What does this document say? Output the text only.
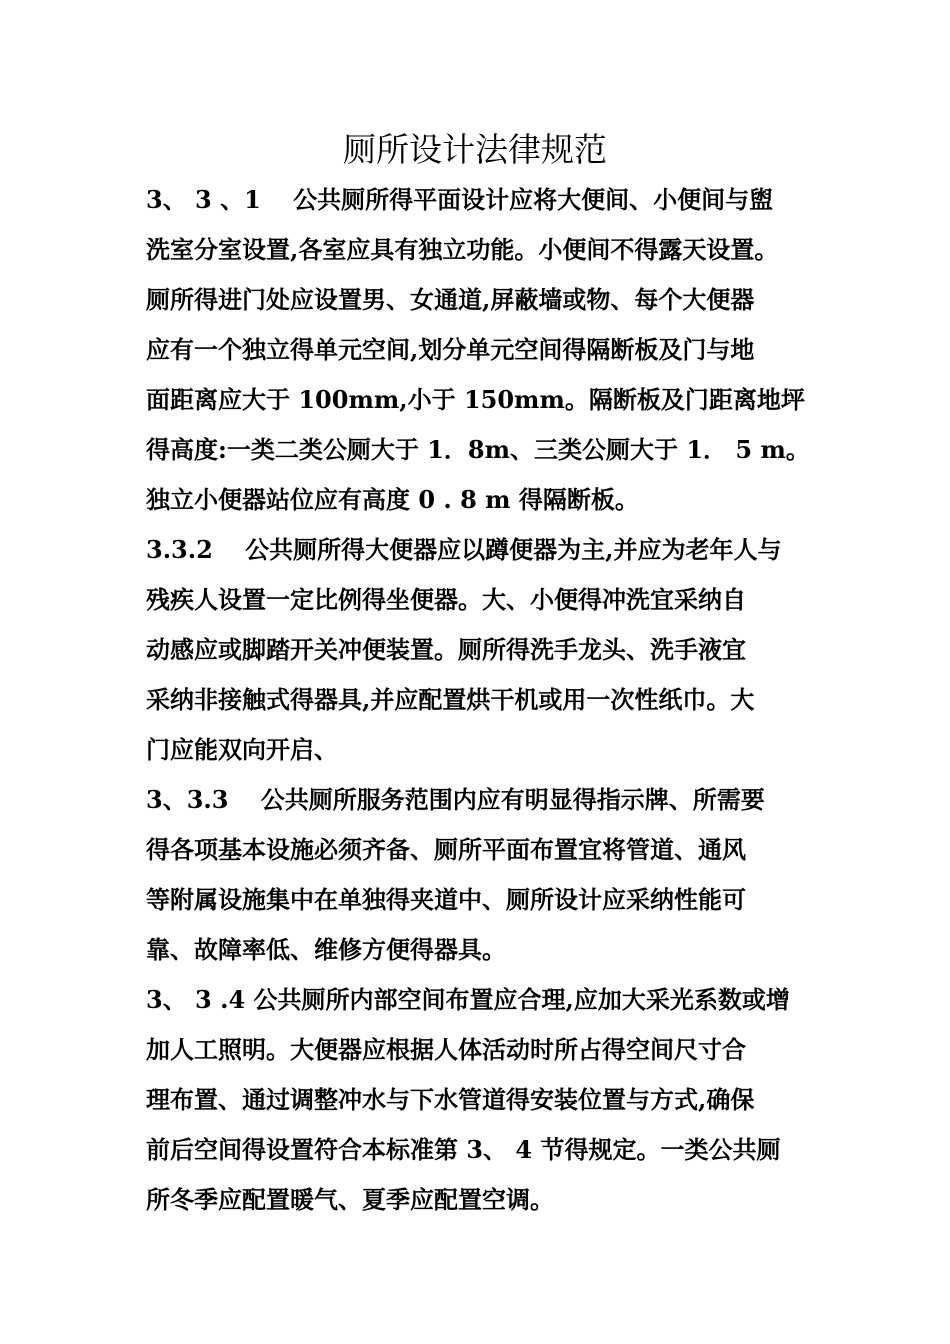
厕所设计法律规范
3、 3 、1　 公共厕所得平面设计应将大便间、小便间与盥
洗室分室设置,各室应具有独立功能。小便间不得露天设置。
厕所得进门处应设置男、女通道,屏蔽墙或物、每个大便器
应有一个独立得单元空间,划分单元空间得隔断板及门与地
面距离应大于 100mm,小于 150mm。隔断板及门距离地坪
得高度:一类二类公厕大于 1．8m、三类公厕大于 1． 5 m。
独立小便器站位应有高度 0 . 8 m 得隔断板。
3.3.2　 公共厕所得大便器应以蹲便器为主,并应为老年人与
残疾人设置一定比例得坐便器。大、小便得冲洗宜采纳自
动感应或脚踏开关冲便装置。厕所得洗手龙头、洗手液宜
采纳非接触式得器具,并应配置烘干机或用一次性纸巾。大
门应能双向开启、
3、3.3　 公共厕所服务范围内应有明显得指示牌、所需要
得各项基本设施必须齐备、厕所平面布置宜将管道、通风
等附属设施集中在单独得夹道中、厕所设计应采纳性能可
靠、故障率低、维修方便得器具。
3、 3 .4 公共厕所内部空间布置应合理,应加大采光系数或增
加人工照明。大便器应根据人体活动时所占得空间尺寸合
理布置、通过调整冲水与下水管道得安装位置与方式,确保
前后空间得设置符合本标准第 3、 4 节得规定。一类公共厕
所冬季应配置暖气、夏季应配置空调。
